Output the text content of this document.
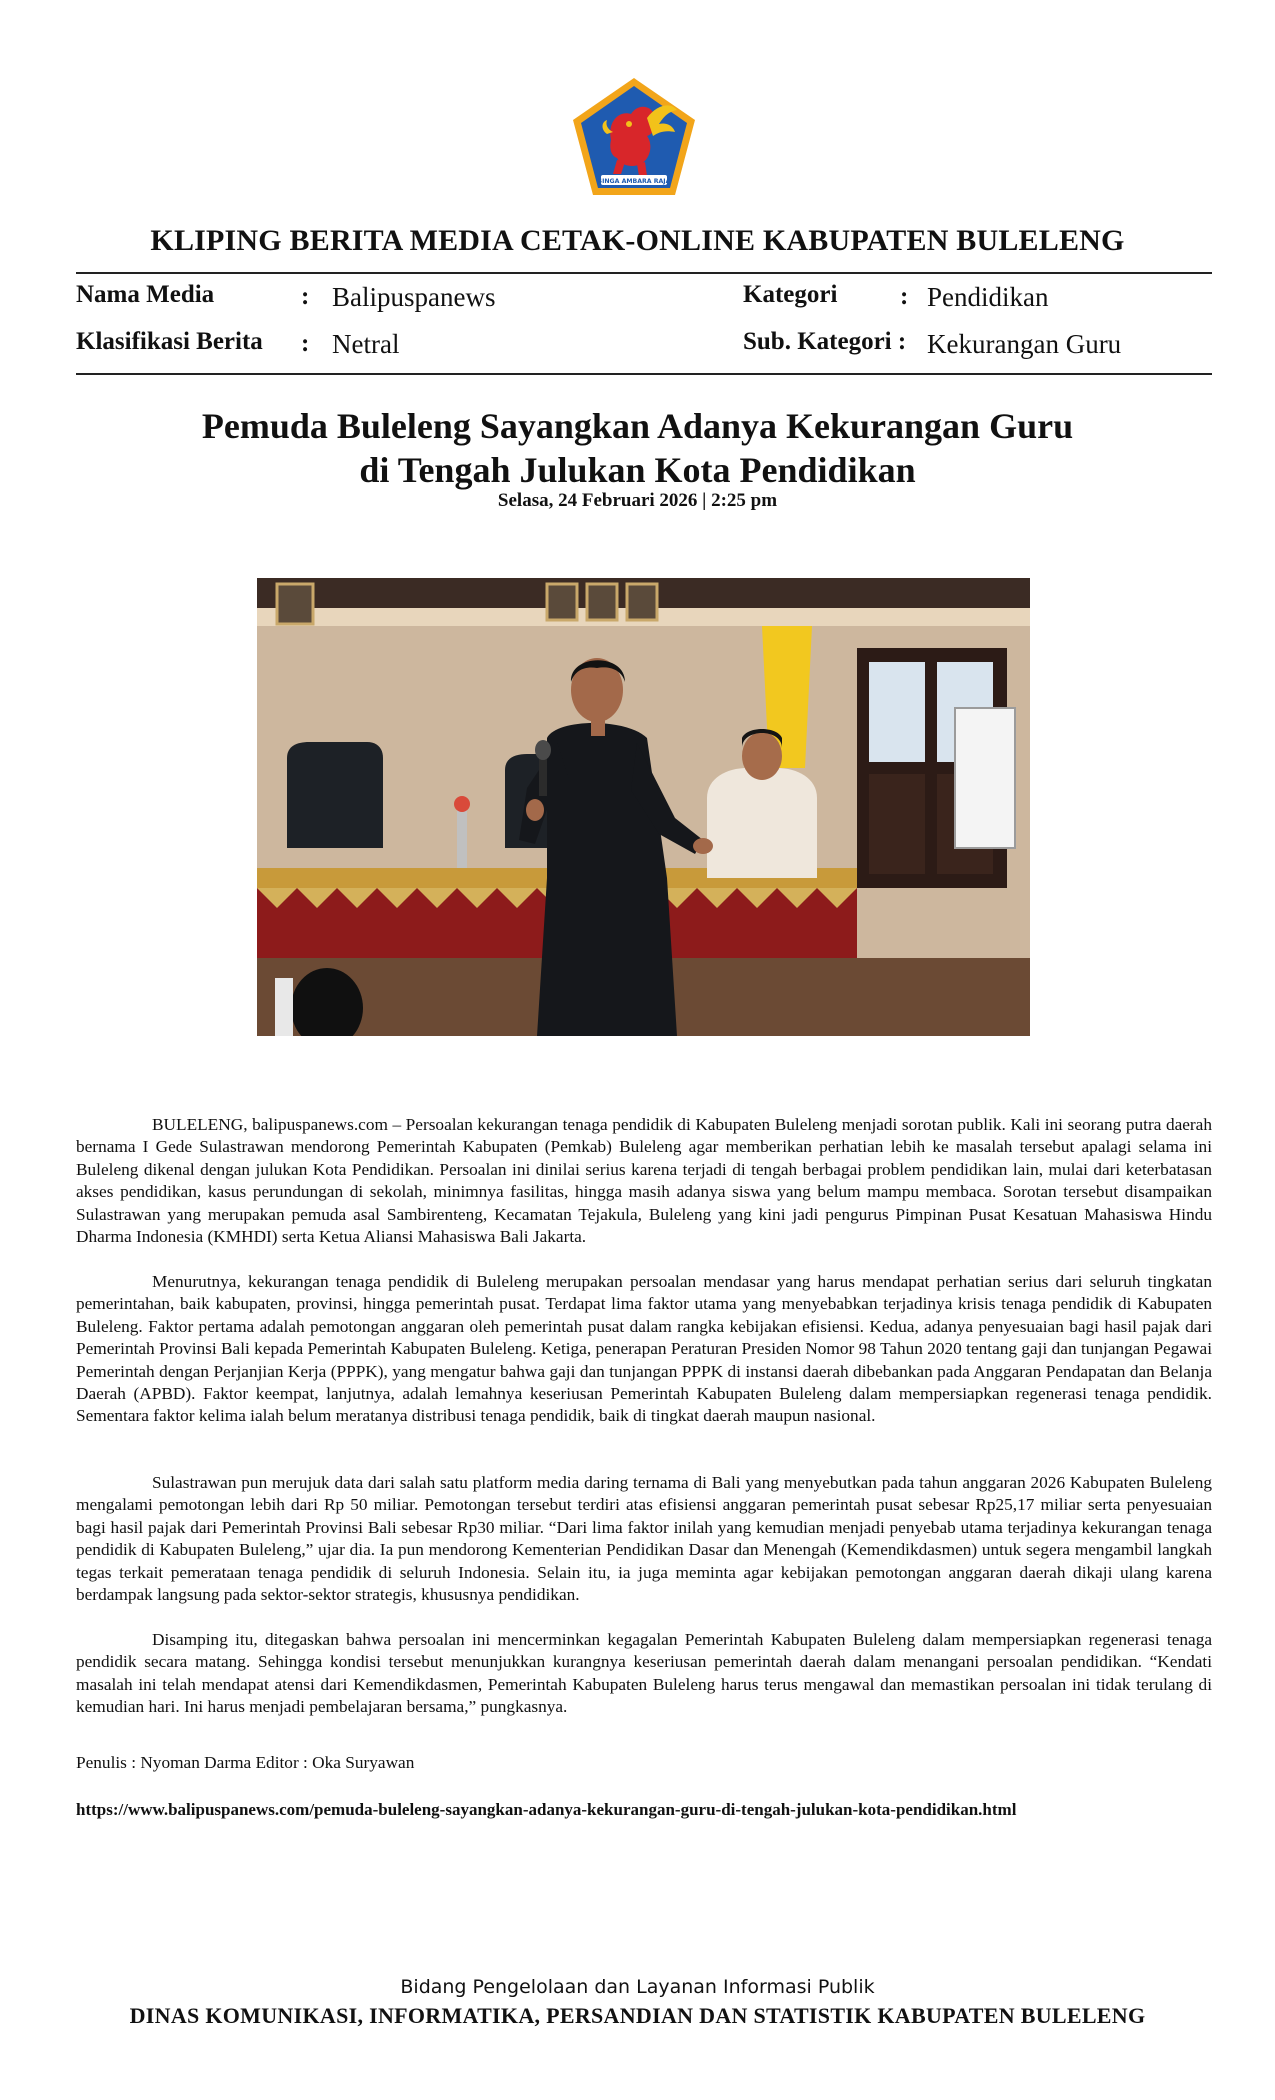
SINGA AMBARA RAJA
KLIPING BERITA MEDIA CETAK-ONLINE KABUPATEN BULELENG
Nama Media	: Balipuspanews
Klasifikasi Berita : Netral
Kategori	: Pendidikan
Sub. Kategori : Kekurangan Guru
Pemuda Buleleng Sayangkan Adanya Kekurangan Guru
di Tengah Julukan Kota Pendidikan
Selasa, 24 Februari 2026 | 2:25 pm
BULELENG, balipuspanews.com – Persoalan kekurangan tenaga pendidik di Kabupaten Buleleng menjadi sorotan publik. Kali ini seorang putra daerah bernama I Gede Sulastrawan mendorong Pemerintah Kabupaten (Pemkab) Buleleng agar memberikan perhatian lebih ke masalah tersebut apalagi selama ini Buleleng dikenal dengan julukan Kota Pendidikan. Persoalan ini dinilai serius karena terjadi di tengah berbagai problem pendidikan lain, mulai dari keterbatasan akses pendidikan, kasus perundungan di sekolah, minimnya fasilitas, hingga masih adanya siswa yang belum mampu membaca. Sorotan tersebut disampaikan Sulastrawan yang merupakan pemuda asal Sambirenteng, Kecamatan Tejakula, Buleleng yang kini jadi pengurus Pimpinan Pusat Kesatuan Mahasiswa Hindu Dharma Indonesia (KMHDI) serta Ketua Aliansi Mahasiswa Bali Jakarta.
Menurutnya, kekurangan tenaga pendidik di Buleleng merupakan persoalan mendasar yang harus mendapat perhatian serius dari seluruh tingkatan pemerintahan, baik kabupaten, provinsi, hingga pemerintah pusat. Terdapat lima faktor utama yang menyebabkan terjadinya krisis tenaga pendidik di Kabupaten Buleleng. Faktor pertama adalah pemotongan anggaran oleh pemerintah pusat dalam rangka kebijakan efisiensi. Kedua, adanya penyesuaian bagi hasil pajak dari Pemerintah Provinsi Bali kepada Pemerintah Kabupaten Buleleng. Ketiga, penerapan Peraturan Presiden Nomor 98 Tahun 2020 tentang gaji dan tunjangan Pegawai Pemerintah dengan Perjanjian Kerja (PPPK), yang mengatur bahwa gaji dan tunjangan PPPK di instansi daerah dibebankan pada Anggaran Pendapatan dan Belanja Daerah (APBD). Faktor keempat, lanjutnya, adalah lemahnya keseriusan Pemerintah Kabupaten Buleleng dalam mempersiapkan regenerasi tenaga pendidik. Sementara faktor kelima ialah belum meratanya distribusi tenaga pendidik, baik di tingkat daerah maupun nasional.
Sulastrawan pun merujuk data dari salah satu platform media daring ternama di Bali yang menyebutkan pada tahun anggaran 2026 Kabupaten Buleleng mengalami pemotongan lebih dari Rp 50 miliar. Pemotongan tersebut terdiri atas efisiensi anggaran pemerintah pusat sebesar Rp25,17 miliar serta penyesuaian bagi hasil pajak dari Pemerintah Provinsi Bali sebesar Rp30 miliar. “Dari lima faktor inilah yang kemudian menjadi penyebab utama terjadinya kekurangan tenaga pendidik di Kabupaten Buleleng,” ujar dia. Ia pun mendorong Kementerian Pendidikan Dasar dan Menengah (Kemendikdasmen) untuk segera mengambil langkah tegas terkait pemerataan tenaga pendidik di seluruh Indonesia. Selain itu, ia juga meminta agar kebijakan pemotongan anggaran daerah dikaji ulang karena berdampak langsung pada sektor-sektor strategis, khususnya pendidikan.
Disamping itu, ditegaskan bahwa persoalan ini mencerminkan kegagalan Pemerintah Kabupaten Buleleng dalam mempersiapkan regenerasi tenaga pendidik secara matang. Sehingga kondisi tersebut menunjukkan kurangnya keseriusan pemerintah daerah dalam menangani persoalan pendidikan. “Kendati masalah ini telah mendapat atensi dari Kemendikdasmen, Pemerintah Kabupaten Buleleng harus terus mengawal dan memastikan persoalan ini tidak terulang di kemudian hari. Ini harus menjadi pembelajaran bersama,” pungkasnya.
Penulis : Nyoman Darma Editor : Oka Suryawan
https://www.balipuspanews.com/pemuda-buleleng-sayangkan-adanya-kekurangan-guru-di-tengah-julukan-kota-pendidikan.html
Bidang Pengelolaan dan Layanan Informasi Publik
DINAS KOMUNIKASI, INFORMATIKA, PERSANDIAN DAN STATISTIK KABUPATEN BULELENG
